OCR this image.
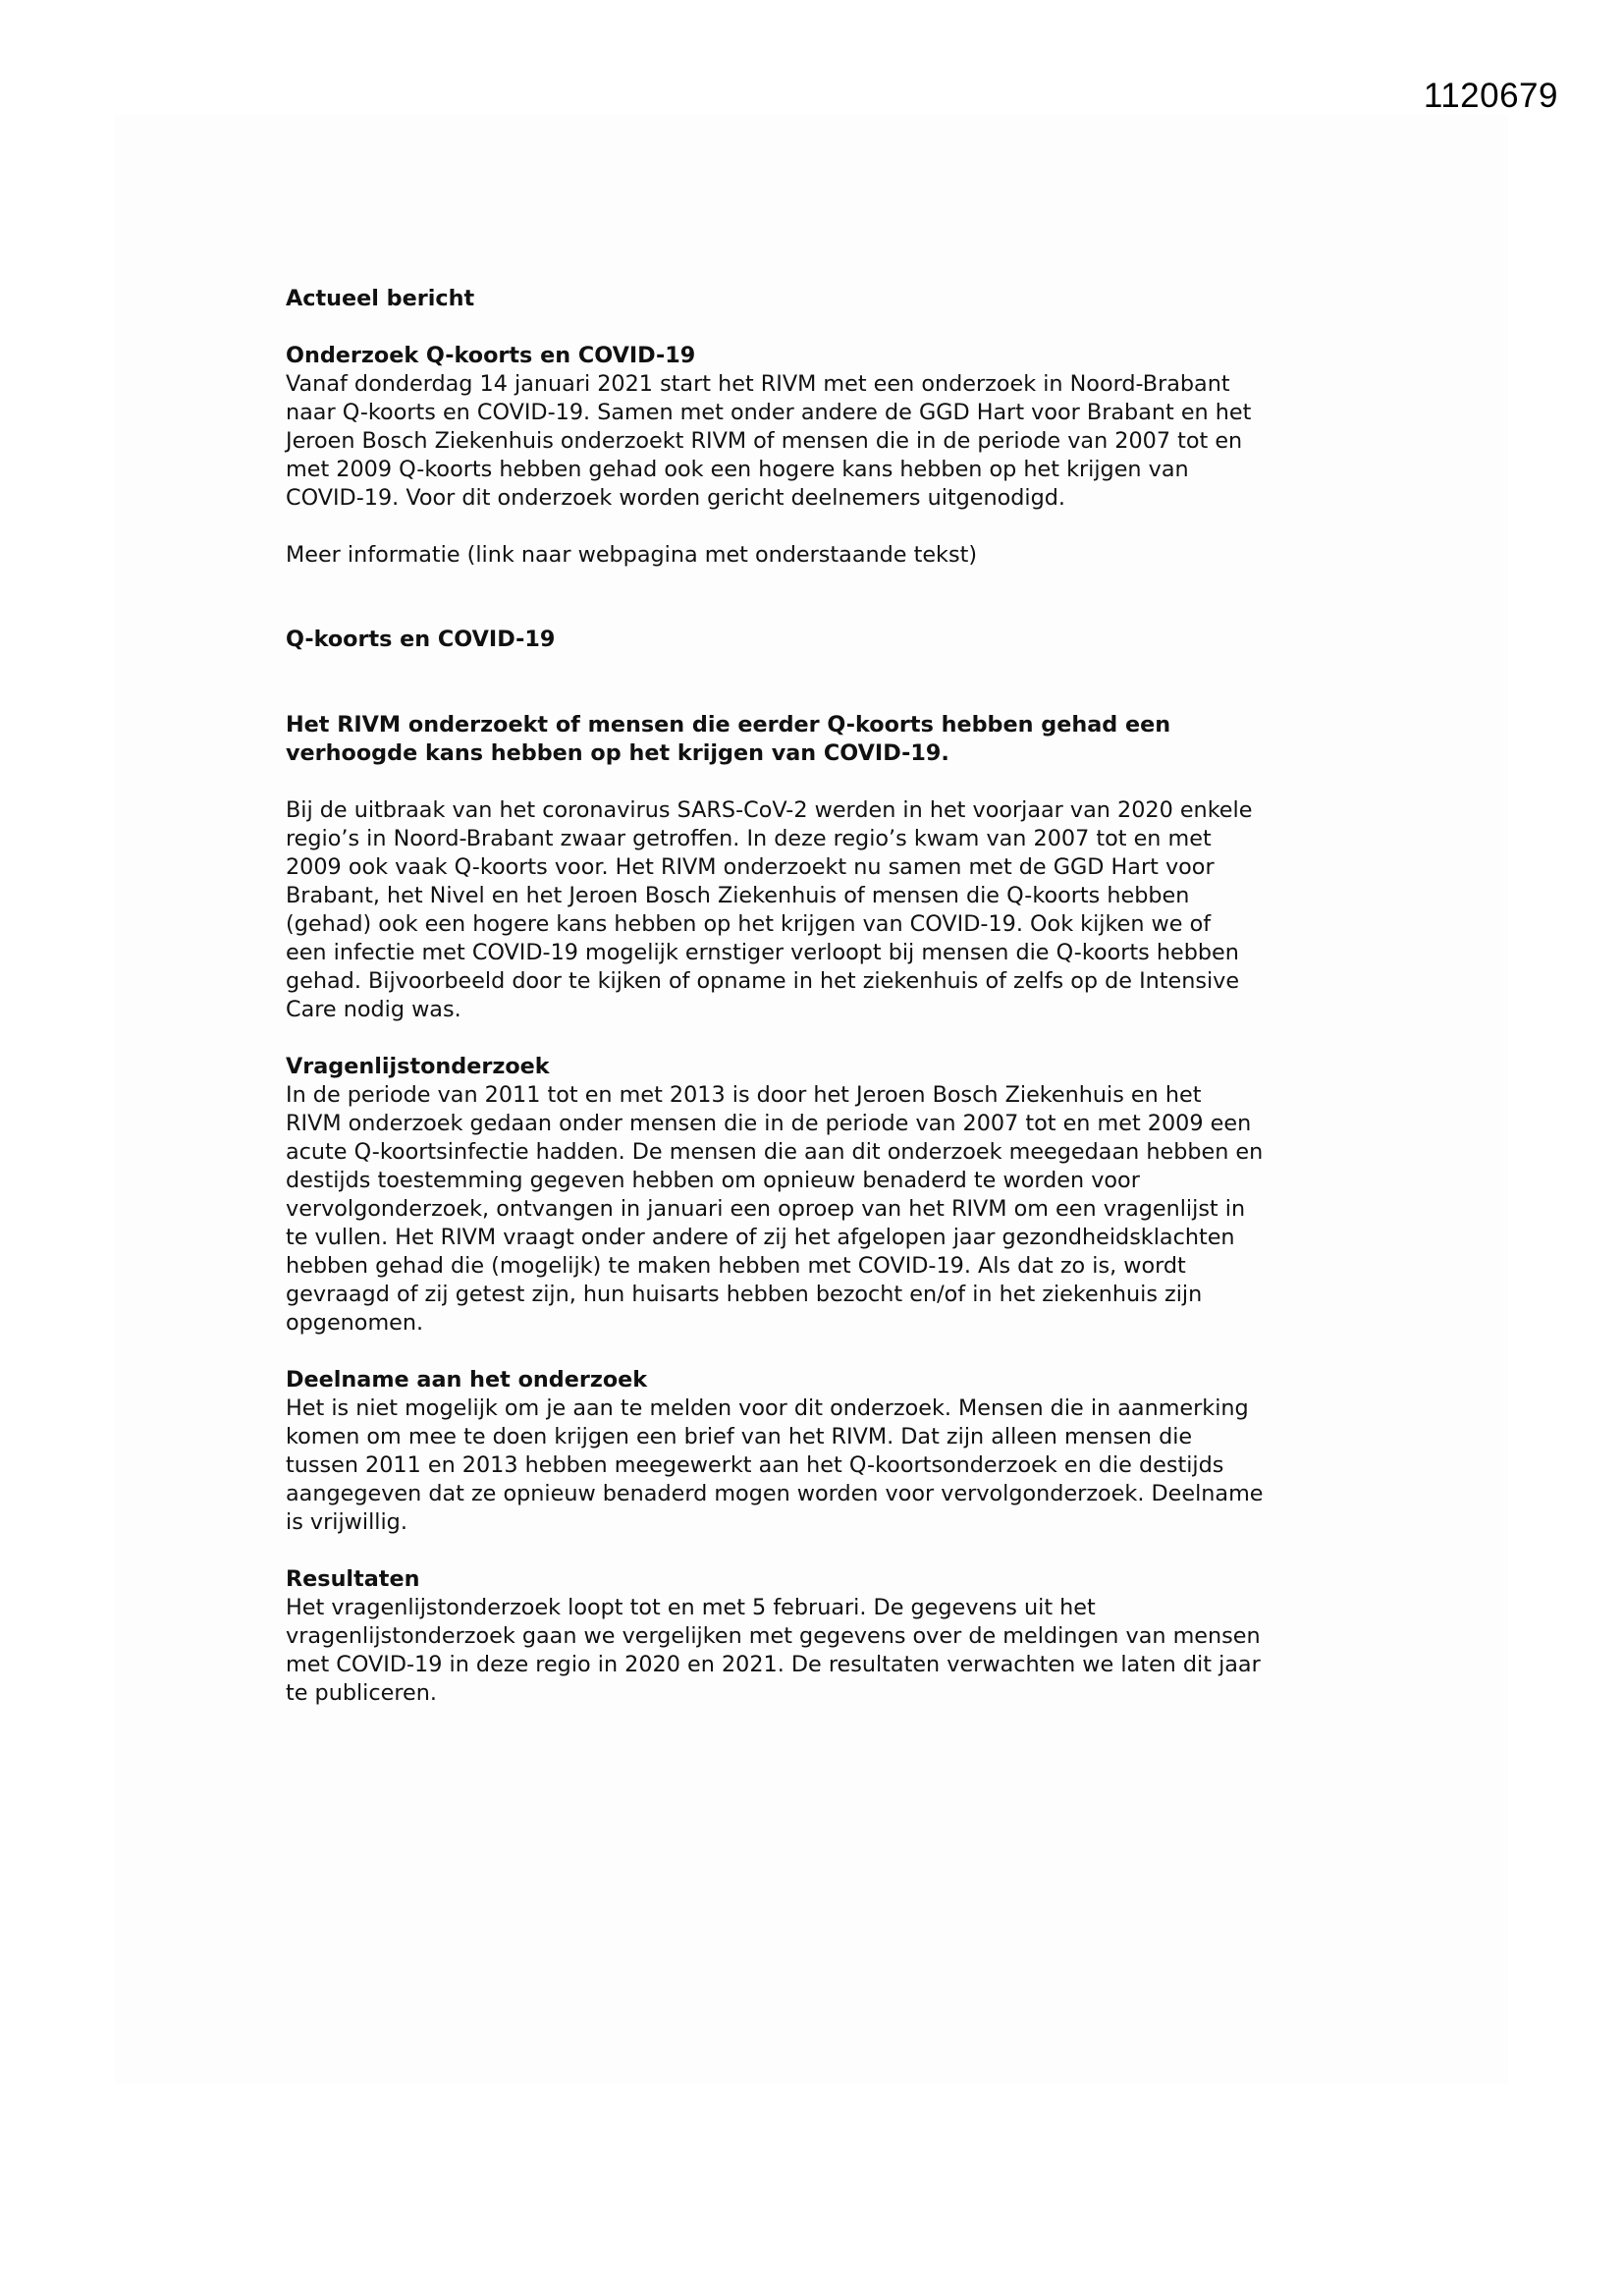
1120679

Actueel bericht

Onderzoek Q-koorts en COVID-19

Vanaf donderdag 14 januari 2021 start het RIVM met een onderzoek in Noord-Brabant

naar Q-koorts en COVID-19. Samen met onder andere de GGD Hart voor Brabant en het

Jeroen Bosch Ziekenhuis onderzoekt RIVM of mensen die in de periode van 2007 tot en

met 2009 Q-koorts hebben gehad ook een hogere kans hebben op het krijgen van

COVID-19. Voor dit onderzoek worden gericht deelnemers uitgenodigd.

Meer informatie (link naar webpagina met onderstaande tekst)

Q-koorts en COVID-19

Het RIVM onderzoekt of mensen die eerder Q-koorts hebben gehad een

verhoogde kans hebben op het krijgen van COVID-19.

Bij de uitbraak van het coronavirus SARS-CoV-2 werden in het voorjaar van 2020 enkele

regio’s in Noord-Brabant zwaar getroffen. In deze regio’s kwam van 2007 tot en met

2009 ook vaak Q-koorts voor. Het RIVM onderzoekt nu samen met de GGD Hart voor

Brabant, het Nivel en het Jeroen Bosch Ziekenhuis of mensen die Q-koorts hebben

(gehad) ook een hogere kans hebben op het krijgen van COVID-19. Ook kijken we of

een infectie met COVID-19 mogelijk ernstiger verloopt bij mensen die Q-koorts hebben

gehad. Bijvoorbeeld door te kijken of opname in het ziekenhuis of zelfs op de Intensive

Care nodig was.

Vragenlijstonderzoek

In de periode van 2011 tot en met 2013 is door het Jeroen Bosch Ziekenhuis en het

RIVM onderzoek gedaan onder mensen die in de periode van 2007 tot en met 2009 een

acute Q-koortsinfectie hadden. De mensen die aan dit onderzoek meegedaan hebben en

destijds toestemming gegeven hebben om opnieuw benaderd te worden voor

vervolgonderzoek, ontvangen in januari een oproep van het RIVM om een vragenlijst in

te vullen. Het RIVM vraagt onder andere of zij het afgelopen jaar gezondheidsklachten

hebben gehad die (mogelijk) te maken hebben met COVID-19. Als dat zo is, wordt

gevraagd of zij getest zijn, hun huisarts hebben bezocht en/of in het ziekenhuis zijn

opgenomen.

Deelname aan het onderzoek

Het is niet mogelijk om je aan te melden voor dit onderzoek. Mensen die in aanmerking

komen om mee te doen krijgen een brief van het RIVM. Dat zijn alleen mensen die

tussen 2011 en 2013 hebben meegewerkt aan het Q-koortsonderzoek en die destijds

aangegeven dat ze opnieuw benaderd mogen worden voor vervolgonderzoek. Deelname

is vrijwillig.

Resultaten

Het vragenlijstonderzoek loopt tot en met 5 februari. De gegevens uit het

vragenlijstonderzoek gaan we vergelijken met gegevens over de meldingen van mensen

met COVID-19 in deze regio in 2020 en 2021. De resultaten verwachten we laten dit jaar

te publiceren.
